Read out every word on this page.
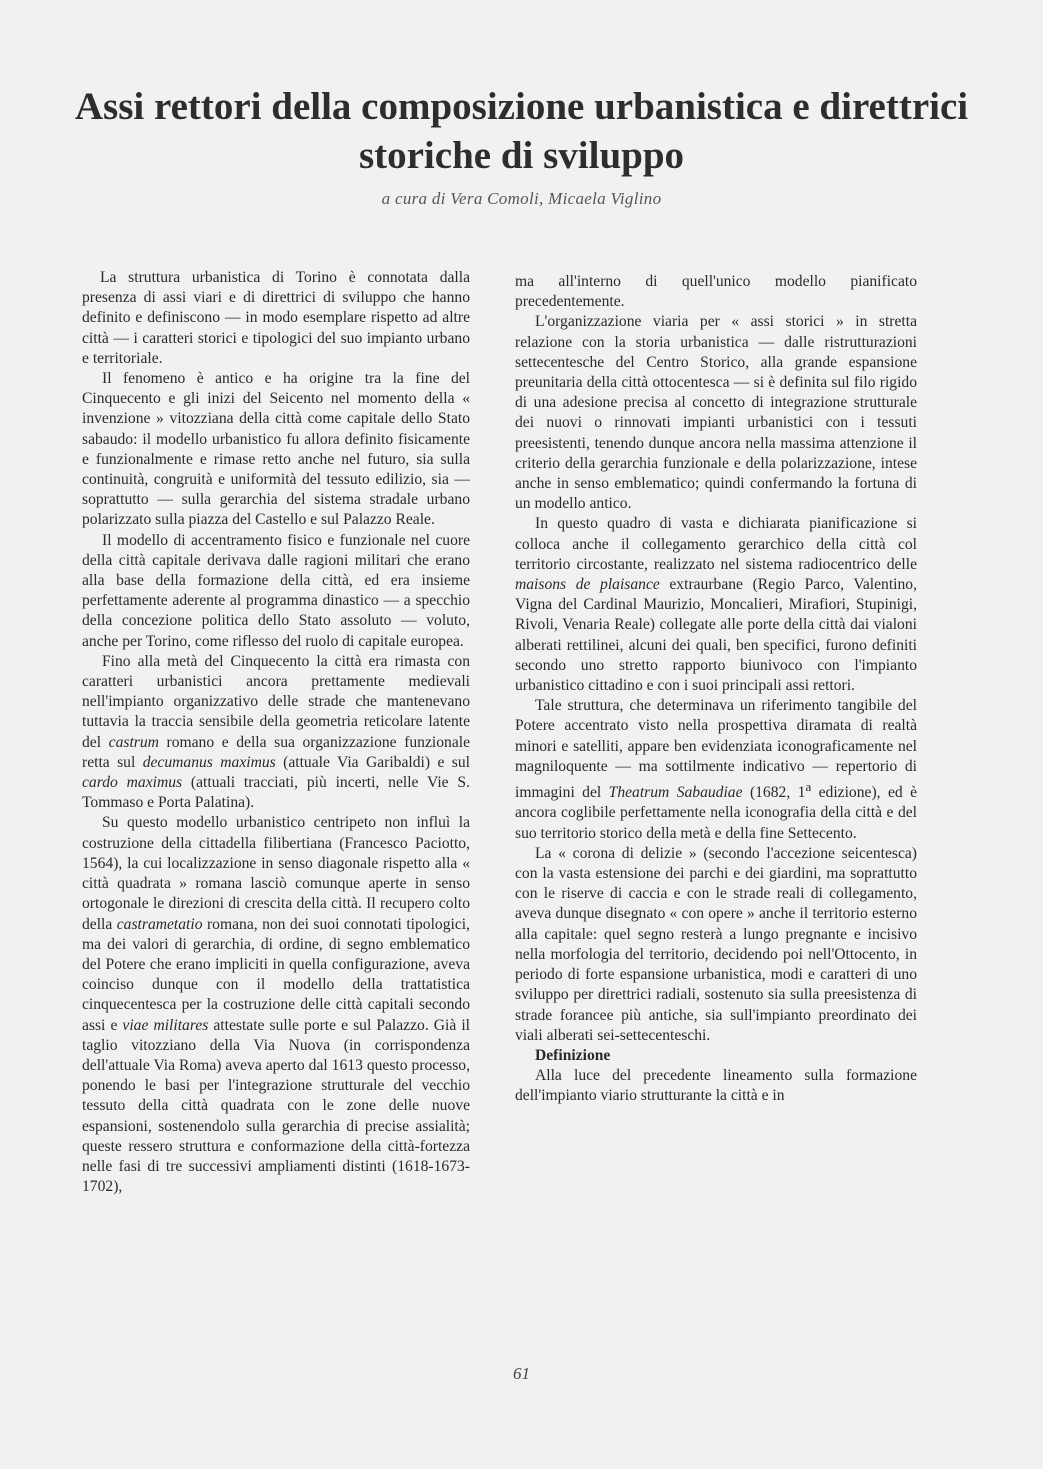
Assi rettori della composizione urbanistica e direttrici storiche di sviluppo
a cura di Vera Comoli, Micaela Viglino

La struttura urbanistica di Torino è connotata dalla presenza di assi viari e di direttrici di sviluppo che hanno definito e definiscono — in modo esemplare rispetto ad altre città — i caratteri storici e tipologici del suo impianto urbano e territoriale.

Il fenomeno è antico e ha origine tra la fine del Cinquecento e gli inizi del Seicento nel momento della « invenzione » vitozziana della città come capitale dello Stato sabaudo: il modello urbanistico fu allora definito fisicamente e funzionalmente e rimase retto anche nel futuro, sia sulla continuità, congruità e uniformità del tessuto edilizio, sia — soprattutto — sulla gerarchia del sistema stradale urbano polarizzato sulla piazza del Castello e sul Palazzo Reale.

Il modello di accentramento fisico e funzionale nel cuore della città capitale derivava dalle ragioni militari che erano alla base della formazione della città, ed era insieme perfettamente aderente al programma dinastico — a specchio della concezione politica dello Stato assoluto — voluto, anche per Torino, come riflesso del ruolo di capitale europea.

Fino alla metà del Cinquecento la città era rimasta con caratteri urbanistici ancora prettamente medievali nell'impianto organizzativo delle strade che mantenevano tuttavia la traccia sensibile della geometria reticolare latente del castrum romano e della sua organizzazione funzionale retta sul decumanus maximus (attuale Via Garibaldi) e sul cardo maximus (attuali tracciati, più incerti, nelle Vie S. Tommaso e Porta Palatina).

Su questo modello urbanistico centripeto non influì la costruzione della cittadella filibertiana (Francesco Paciotto, 1564), la cui localizzazione in senso diagonale rispetto alla « città quadrata » romana lasciò comunque aperte in senso ortogonale le direzioni di crescita della città. Il recupero colto della castrametatio romana, non dei suoi connotati tipologici, ma dei valori di gerarchia, di ordine, di segno emblematico del Potere che erano impliciti in quella configurazione, aveva coinciso dunque con il modello della trattatistica cinquecentesca per la costruzione delle città capitali secondo assi e viae militares attestate sulle porte e sul Palazzo. Già il taglio vitozziano della Via Nuova (in corrispondenza dell'attuale Via Roma) aveva aperto dal 1613 questo processo, ponendo le basi per l'integrazione strutturale del vecchio tessuto della città quadrata con le zone delle nuove espansioni, sostenendolo sulla gerarchia di precise assialità; queste ressero struttura e conformazione della città-fortezza nelle fasi di tre successivi ampliamenti distinti (1618-1673-1702),

ma all'interno di quell'unico modello pianificato precedentemente.

L'organizzazione viaria per « assi storici » in stretta relazione con la storia urbanistica — dalle ristrutturazioni settecentesche del Centro Storico, alla grande espansione preunitaria della città ottocentesca — si è definita sul filo rigido di una adesione precisa al concetto di integrazione strutturale dei nuovi o rinnovati impianti urbanistici con i tessuti preesistenti, tenendo dunque ancora nella massima attenzione il criterio della gerarchia funzionale e della polarizzazione, intese anche in senso emblematico; quindi confermando la fortuna di un modello antico.

In questo quadro di vasta e dichiarata pianificazione si colloca anche il collegamento gerarchico della città col territorio circostante, realizzato nel sistema radiocentrico delle maisons de plaisance extraurbane (Regio Parco, Valentino, Vigna del Cardinal Maurizio, Moncalieri, Mirafiori, Stupinigi, Rivoli, Venaria Reale) collegate alle porte della città dai vialoni alberati rettilinei, alcuni dei quali, ben specifici, furono definiti secondo uno stretto rapporto biunivoco con l'impianto urbanistico cittadino e con i suoi principali assi rettori.

Tale struttura, che determinava un riferimento tangibile del Potere accentrato visto nella prospettiva diramata di realtà minori e satelliti, appare ben evidenziata iconograficamente nel magniloquente — ma sottilmente indicativo — repertorio di immagini del Theatrum Sabaudiae (1682, 1$^a$ edizione), ed è ancora coglibile perfettamente nella iconografia della città e del suo territorio storico della metà e della fine Settecento.

La « corona di delizie » (secondo l'accezione seicentesca) con la vasta estensione dei parchi e dei giardini, ma soprattutto con le riserve di caccia e con le strade reali di collegamento, aveva dunque disegnato « con opere » anche il territorio esterno alla capitale: quel segno resterà a lungo pregnante e incisivo nella morfologia del territorio, decidendo poi nell'Ottocento, in periodo di forte espansione urbanistica, modi e caratteri di uno sviluppo per direttrici radiali, sostenuto sia sulla preesistenza di strade forancee più antiche, sia sull'impianto preordinato dei viali alberati sei-settecenteschi.

Definizione

Alla luce del precedente lineamento sulla formazione dell'impianto viario strutturante la città e in

61
